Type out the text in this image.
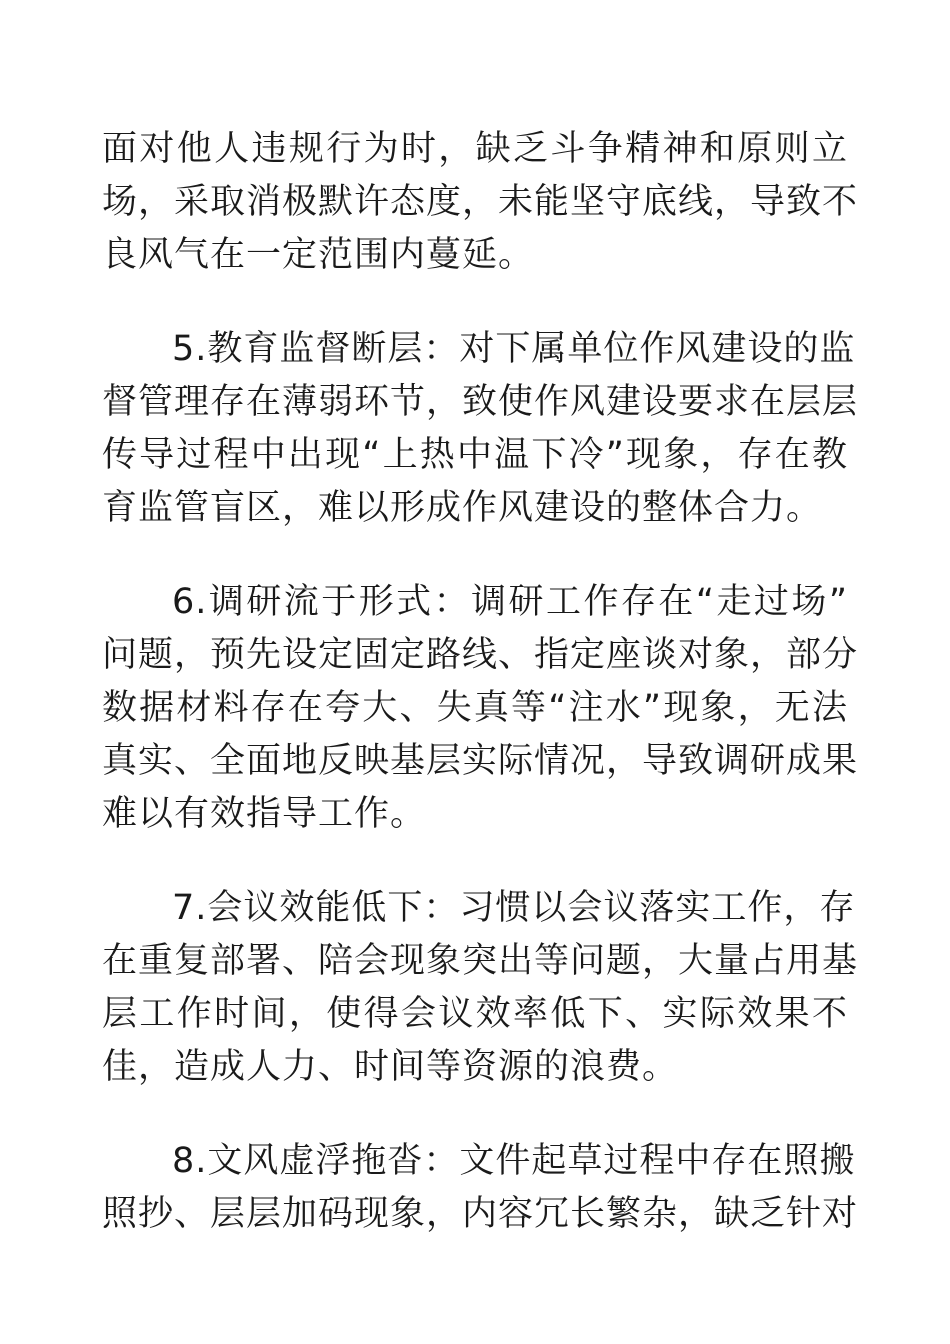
面对他人违规行为时，缺乏斗争精神和原则立
场，采取消极默许态度，未能坚守底线，导致不
良风气在一定范围内蔓延。
5.教育监督断层：对下属单位作风建设的监
督管理存在薄弱环节，致使作风建设要求在层层
传导过程中出现“上热中温下冷”现象，存在教
育监管盲区，难以形成作风建设的整体合力。
6.调研流于形式：调研工作存在“走过场”
问题，预先设定固定路线、指定座谈对象，部分
数据材料存在夸大、失真等“注水”现象，无法
真实、全面地反映基层实际情况，导致调研成果
难以有效指导工作。
7.会议效能低下：习惯以会议落实工作，存
在重复部署、陪会现象突出等问题，大量占用基
层工作时间，使得会议效率低下、实际效果不
佳，造成人力、时间等资源的浪费。
8.文风虚浮拖沓：文件起草过程中存在照搬
照抄、层层加码现象，内容冗长繁杂，缺乏针对
